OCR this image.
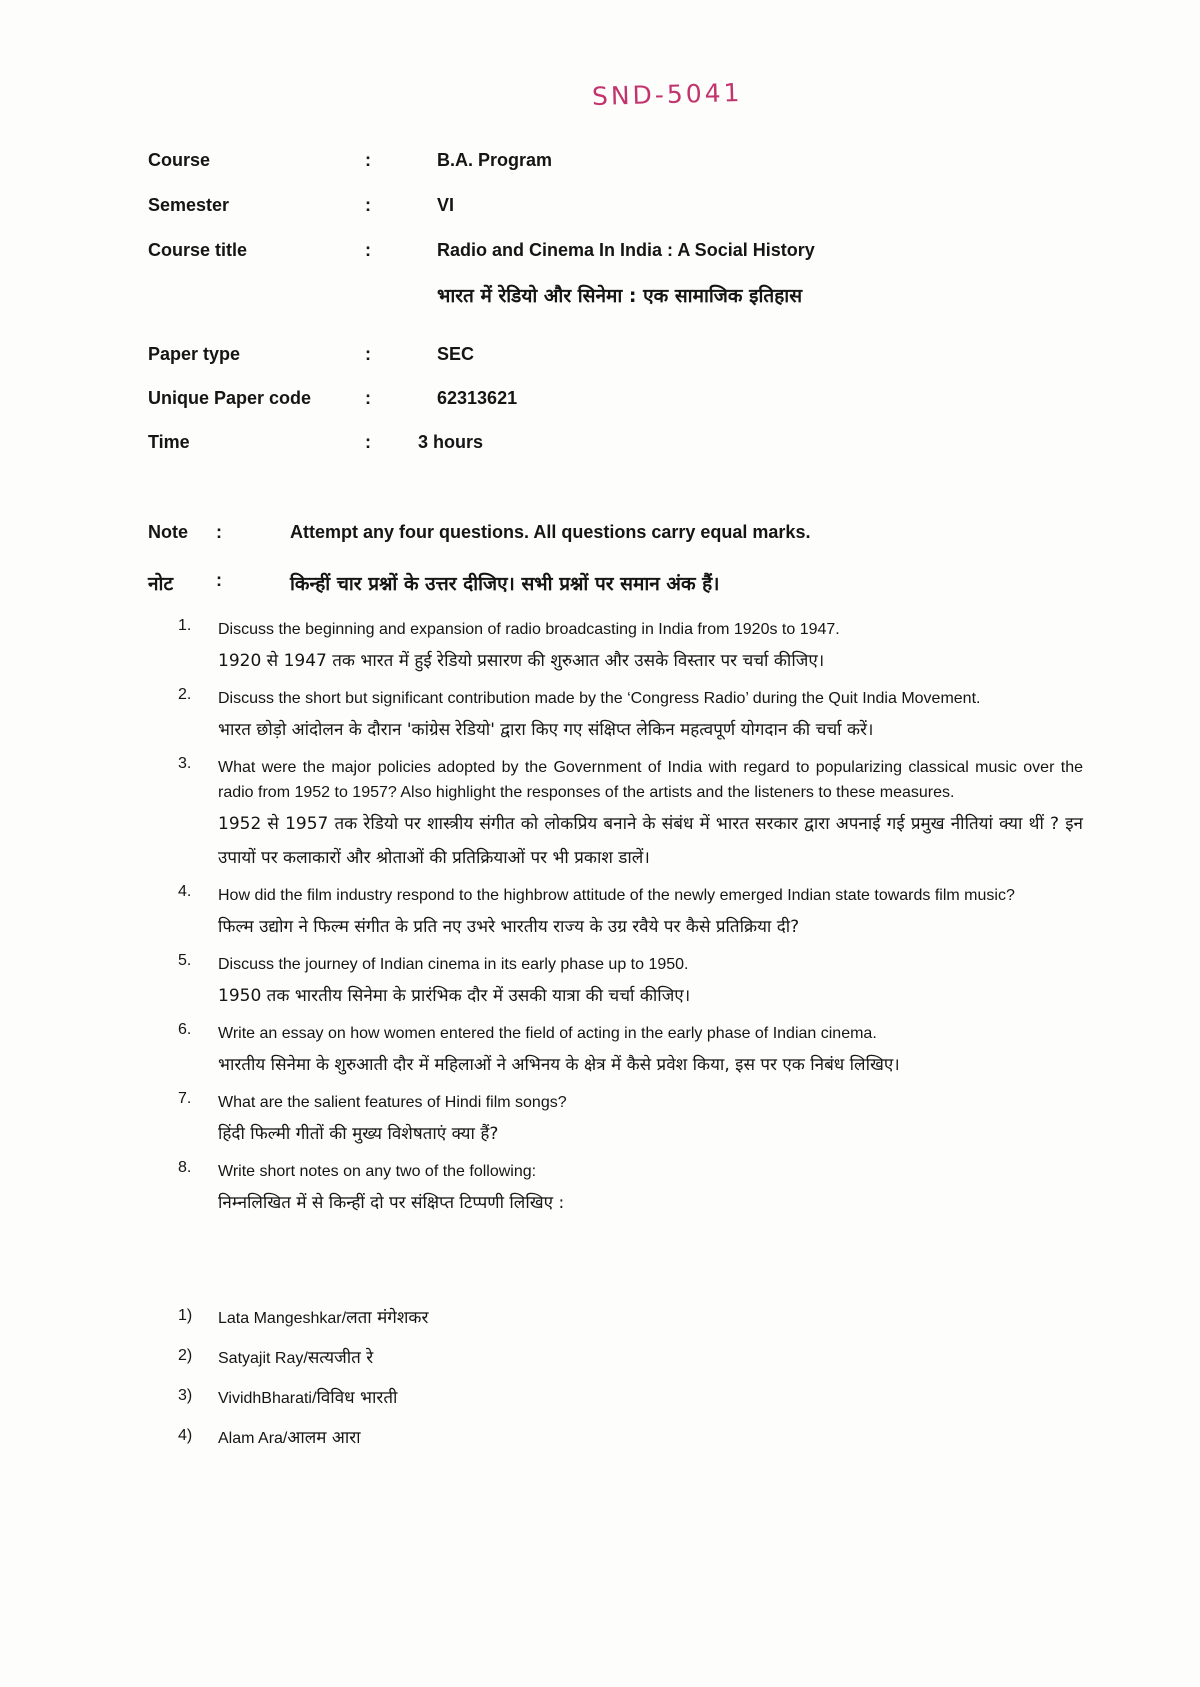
SND-5041
Course	:	B.A. Program
Semester	:	VI
Course title	:	Radio and Cinema In India : A Social History
भारत में रेडियो और सिनेमा : एक सामाजिक इतिहास
Paper type	:	SEC
Unique Paper code	:	62313621
Time	:	3 hours
Note :	Attempt any four questions. All questions carry equal marks.
नोट :	किन्हीं चार प्रश्नों के उत्तर दीजिए। सभी प्रश्नों पर समान अंक हैं।
1. Discuss the beginning and expansion of radio broadcasting in India from 1920s to 1947.
1920 से 1947 तक भारत में हुई रेडियो प्रसारण की शुरुआत और उसके विस्तार पर चर्चा कीजिए।
2. Discuss the short but significant contribution made by the ‘Congress Radio’ during the Quit India Movement.
भारत छोड़ो आंदोलन के दौरान 'कांग्रेस रेडियो' द्वारा किए गए संक्षिप्त लेकिन महत्वपूर्ण योगदान की चर्चा करें।
3. What were the major policies adopted by the Government of India with regard to popularizing classical music over the radio from 1952 to 1957? Also highlight the responses of the artists and the listeners to these measures.
1952 से 1957 तक रेडियो पर शास्त्रीय संगीत को लोकप्रिय बनाने के संबंध में भारत सरकार द्वारा अपनाई गई प्रमुख नीतियां क्या थीं ? इन उपायों पर कलाकारों और श्रोताओं की प्रतिक्रियाओं पर भी प्रकाश डालें।
4. How did the film industry respond to the highbrow attitude of the newly emerged Indian state towards film music?
फिल्म उद्योग ने फिल्म संगीत के प्रति नए उभरे भारतीय राज्य के उग्र रवैये पर कैसे प्रतिक्रिया दी?
5. Discuss the journey of Indian cinema in its early phase up to 1950.
1950 तक भारतीय सिनेमा के प्रारंभिक दौर में उसकी यात्रा की चर्चा कीजिए।
6. Write an essay on how women entered the field of acting in the early phase of Indian cinema.
भारतीय सिनेमा के शुरुआती दौर में महिलाओं ने अभिनय के क्षेत्र में कैसे प्रवेश किया, इस पर एक निबंध लिखिए।
7. What are the salient features of Hindi film songs?
हिंदी फिल्मी गीतों की मुख्य विशेषताएं क्या हैं?
8. Write short notes on any two of the following:
निम्नलिखित में से किन्हीं दो पर संक्षिप्त टिप्पणी लिखिए :
1) Lata Mangeshkar/लता मंगेशकर
2) Satyajit Ray/सत्यजीत रे
3) VividhBharati/विविध भारती
4) Alam Ara/आलम आरा
